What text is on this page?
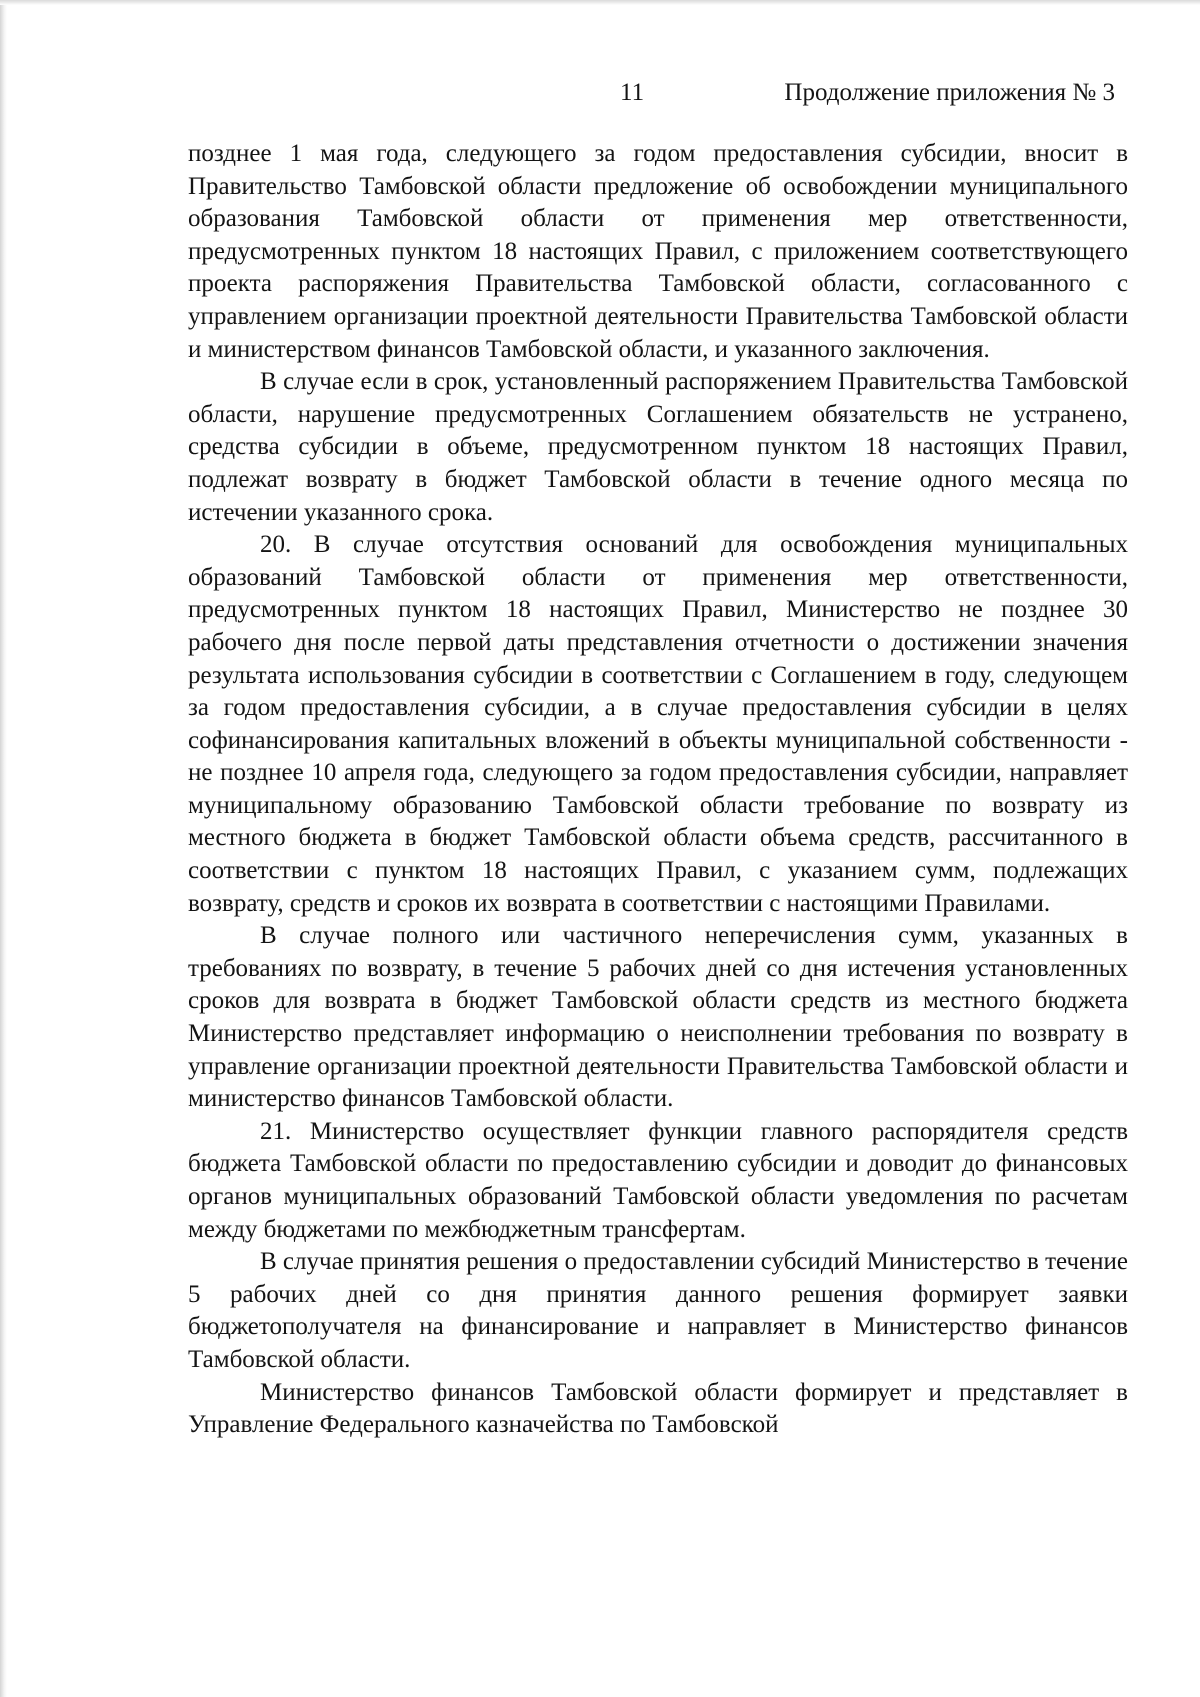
11	Продолжение приложения № 3

позднее 1 мая года, следующего за годом предоставления субсидии, вносит в Правительство Тамбовской области предложение об освобождении муниципального образования Тамбовской области от применения мер ответственности, предусмотренных пунктом 18 настоящих Правил, с приложением соответствующего проекта распоряжения Правительства Тамбовской области, согласованного с управлением организации проектной деятельности Правительства Тамбовской области и министерством финансов Тамбовской области, и указанного заключения.

В случае если в срок, установленный распоряжением Правительства Тамбовской области, нарушение предусмотренных Соглашением обязательств не устранено, средства субсидии в объеме, предусмотренном пунктом 18 настоящих Правил, подлежат возврату в бюджет Тамбовской области в течение одного месяца по истечении указанного срока.

20. В случае отсутствия оснований для освобождения муниципальных образований Тамбовской области от применения мер ответственности, предусмотренных пунктом 18 настоящих Правил, Министерство не позднее 30 рабочего дня после первой даты представления отчетности о достижении значения результата использования субсидии в соответствии с Соглашением в году, следующем за годом предоставления субсидии, а в случае предоставления субсидии в целях софинансирования капитальных вложений в объекты муниципальной собственности - не позднее 10 апреля года, следующего за годом предоставления субсидии, направляет муниципальному образованию Тамбовской области требование по возврату из местного бюджета в бюджет Тамбовской области объема средств, рассчитанного в соответствии с пунктом 18 настоящих Правил, с указанием сумм, подлежащих возврату, средств и сроков их возврата в соответствии с настоящими Правилами.

В случае полного или частичного неперечисления сумм, указанных в требованиях по возврату, в течение 5 рабочих дней со дня истечения установленных сроков для возврата в бюджет Тамбовской области средств из местного бюджета Министерство представляет информацию о неисполнении требования по возврату в управление организации проектной деятельности Правительства Тамбовской области и министерство финансов Тамбовской области.

21. Министерство осуществляет функции главного распорядителя средств бюджета Тамбовской области по предоставлению субсидии и доводит до финансовых органов муниципальных образований Тамбовской области уведомления по расчетам между бюджетами по межбюджетным трансфертам.

В случае принятия решения о предоставлении субсидий Министерство в течение 5 рабочих дней со дня принятия данного решения формирует заявки бюджетополучателя на финансирование и направляет в Министерство финансов Тамбовской области.

Министерство финансов Тамбовской области формирует и представляет в Управление Федерального казначейства по Тамбовской
